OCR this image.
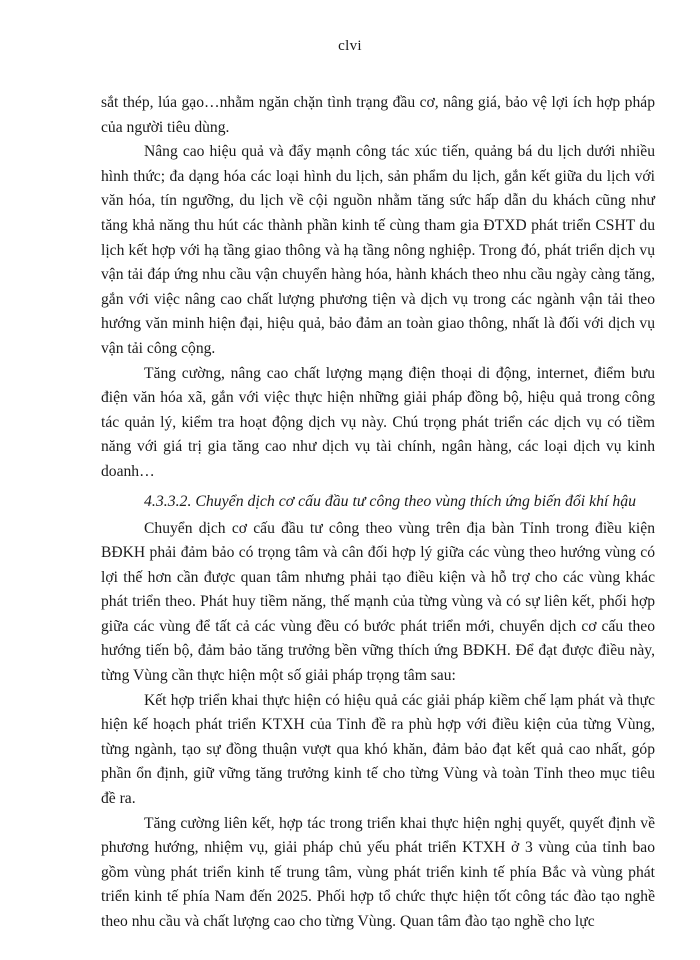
clvi

sắt thép, lúa gạo…nhằm ngăn chặn tình trạng đầu cơ, nâng giá, bảo vệ lợi ích hợp pháp của người tiêu dùng.

Nâng cao hiệu quả và đẩy mạnh công tác xúc tiến, quảng bá du lịch dưới nhiều hình thức; đa dạng hóa các loại hình du lịch, sản phẩm du lịch, gắn kết giữa du lịch với văn hóa, tín ngưỡng, du lịch về cội nguồn nhằm tăng sức hấp dẫn du khách cũng như tăng khả năng thu hút các thành phần kinh tế cùng tham gia ĐTXD phát triển CSHT du lịch kết hợp với hạ tầng giao thông và hạ tầng nông nghiệp. Trong đó, phát triển dịch vụ vận tải đáp ứng nhu cầu vận chuyển hàng hóa, hành khách theo nhu cầu ngày càng tăng, gắn với việc nâng cao chất lượng phương tiện và dịch vụ trong các ngành vận tải theo hướng văn minh hiện đại, hiệu quả, bảo đảm an toàn giao thông, nhất là đối với dịch vụ vận tải công cộng.

Tăng cường, nâng cao chất lượng mạng điện thoại di động, internet, điểm bưu điện văn hóa xã, gắn với việc thực hiện những giải pháp đồng bộ, hiệu quả trong công tác quản lý, kiểm tra hoạt động dịch vụ này. Chú trọng phát triển các dịch vụ có tiềm năng với giá trị gia tăng cao như dịch vụ tài chính, ngân hàng, các loại dịch vụ kinh doanh…

4.3.3.2. Chuyển dịch cơ cấu đầu tư công theo vùng thích ứng biến đổi khí hậu

Chuyển dịch cơ cấu đầu tư công theo vùng trên địa bàn Tỉnh trong điều kiện BĐKH phải đảm bảo có trọng tâm và cân đối hợp lý giữa các vùng theo hướng vùng có lợi thế hơn cần được quan tâm nhưng phải tạo điều kiện và hỗ trợ cho các vùng khác phát triển theo. Phát huy tiềm năng, thế mạnh của từng vùng và có sự liên kết, phối hợp giữa các vùng để tất cả các vùng đều có bước phát triển mới, chuyển dịch cơ cấu theo hướng tiến bộ, đảm bảo tăng trưởng bền vững thích ứng BĐKH. Để đạt được điều này, từng Vùng cần thực hiện một số giải pháp trọng tâm sau:

Kết hợp triển khai thực hiện có hiệu quả các giải pháp kiềm chế lạm phát và thực hiện kế hoạch phát triển KTXH của Tỉnh đề ra phù hợp với điều kiện của từng Vùng, từng ngành, tạo sự đồng thuận vượt qua khó khăn, đảm bảo đạt kết quả cao nhất, góp phần ổn định, giữ vững tăng trưởng kinh tế cho từng Vùng và toàn Tỉnh theo mục tiêu đề ra.

Tăng cường liên kết, hợp tác trong triển khai thực hiện nghị quyết, quyết định về phương hướng, nhiệm vụ, giải pháp chủ yếu phát triển KTXH ở 3 vùng của tỉnh bao gồm vùng phát triển kinh tế trung tâm, vùng phát triển kinh tế phía Bắc và vùng phát triển kinh tế phía Nam đến 2025. Phối hợp tổ chức thực hiện tốt công tác đào tạo nghề theo nhu cầu và chất lượng cao cho từng Vùng. Quan tâm đào tạo nghề cho lực
